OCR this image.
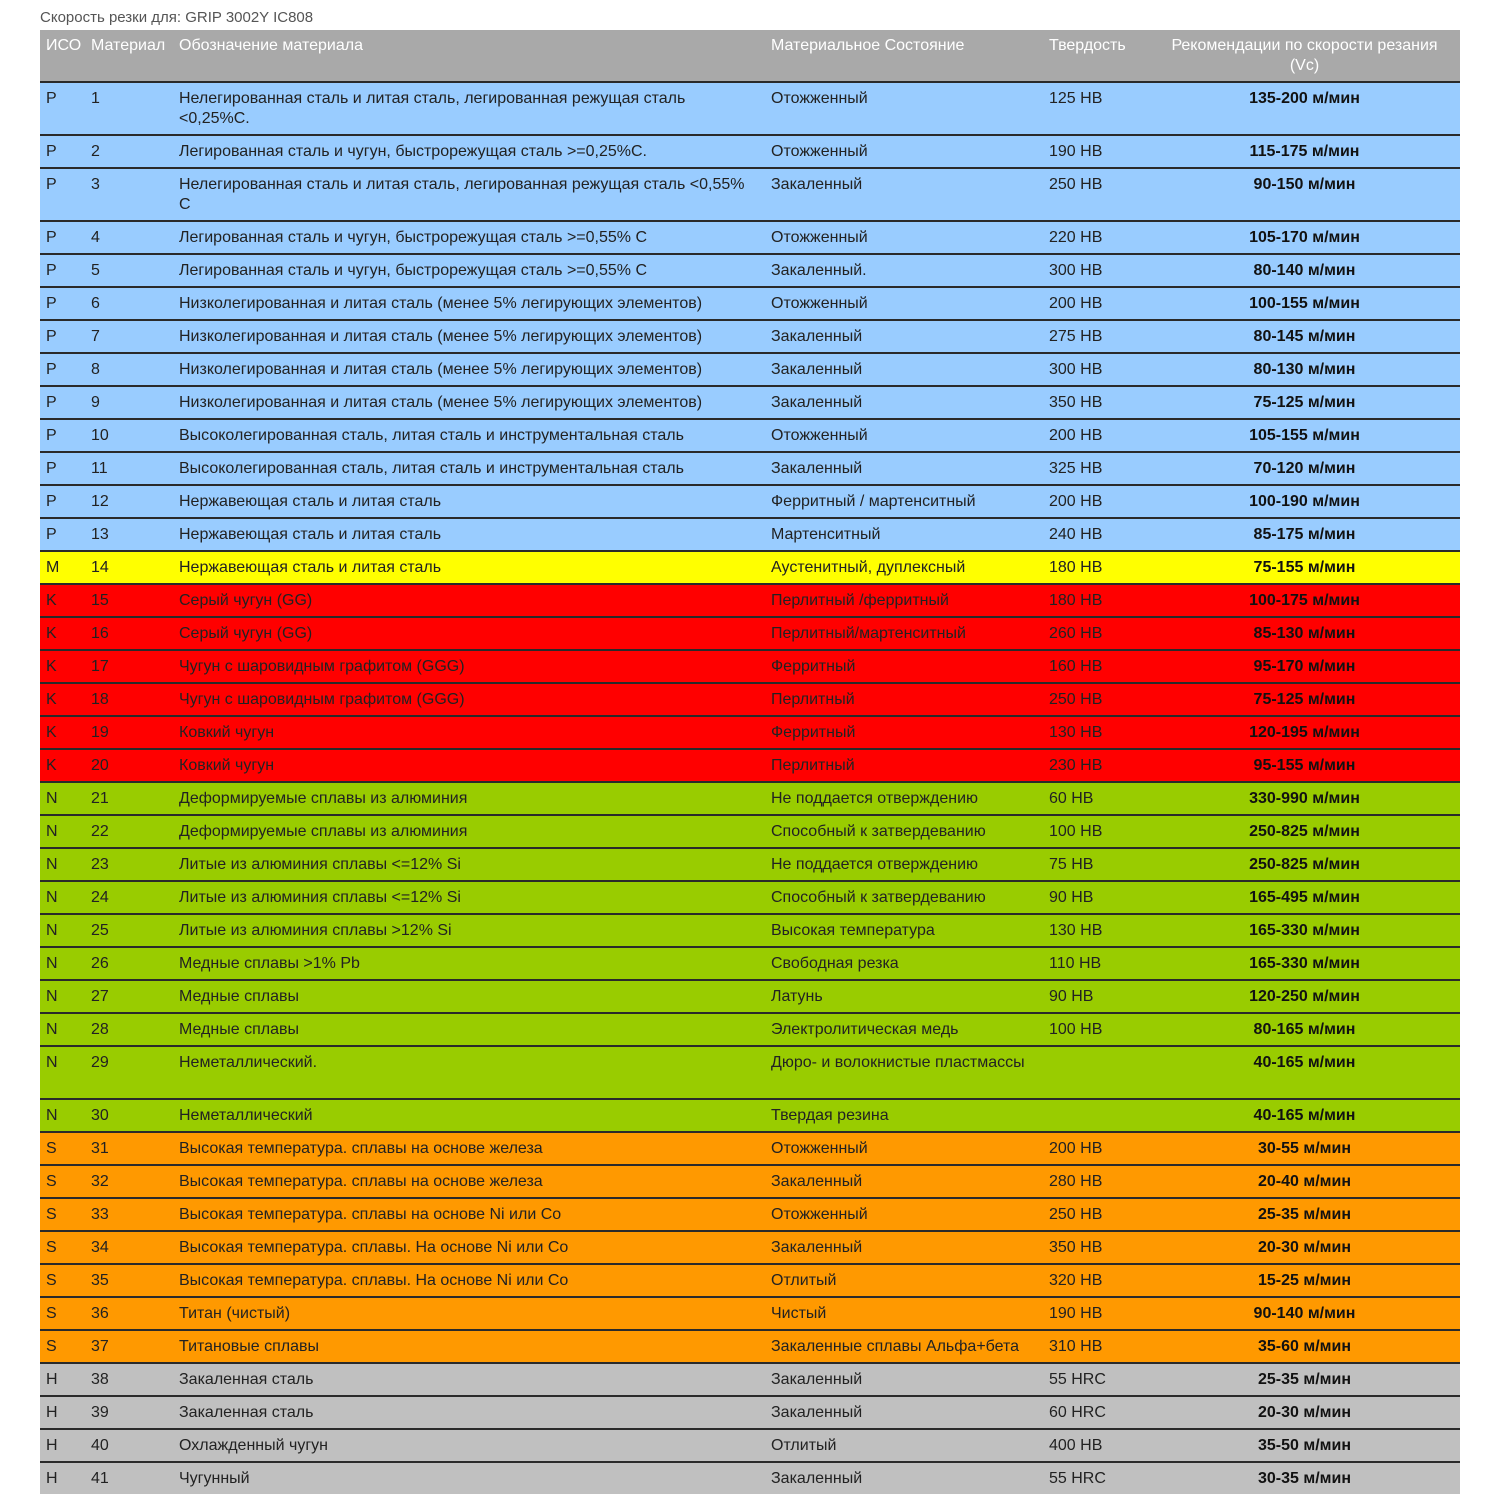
Скорость резки для: GRIP 3002Y IC808
ИСО	Материал	Обозначение материала	Материальное Состояние	Твердость	Рекомендации по скорости резания (Vc)
P	1	Нелегированная сталь и литая сталь, легированная режущая сталь <0,25%C.	Отожженный	125 HB	135-200 м/мин
P	2	Легированная сталь и чугун, быстрорежущая сталь >=0,25%C.	Отожженный	190 HB	115-175 м/мин
P	3	Нелегированная сталь и литая сталь, легированная режущая сталь <0,55% C	Закаленный	250 HB	90-150 м/мин
P	4	Легированная сталь и чугун, быстрорежущая сталь >=0,55% C	Отожженный	220 HB	105-170 м/мин
P	5	Легированная сталь и чугун, быстрорежущая сталь >=0,55% C	Закаленный.	300 HB	80-140 м/мин
P	6	Низколегированная и литая сталь (менее 5% легирующих элементов)	Отожженный	200 HB	100-155 м/мин
P	7	Низколегированная и литая сталь (менее 5% легирующих элементов)	Закаленный	275 HB	80-145 м/мин
P	8	Низколегированная и литая сталь (менее 5% легирующих элементов)	Закаленный	300 HB	80-130 м/мин
P	9	Низколегированная и литая сталь (менее 5% легирующих элементов)	Закаленный	350 HB	75-125 м/мин
P	10	Высоколегированная сталь, литая сталь и инструментальная сталь	Отожженный	200 HB	105-155 м/мин
P	11	Высоколегированная сталь, литая сталь и инструментальная сталь	Закаленный	325 HB	70-120 м/мин
P	12	Нержавеющая сталь и литая сталь	Ферритный / мартенситный	200 HB	100-190 м/мин
P	13	Нержавеющая сталь и литая сталь	Мартенситный	240 HB	85-175 м/мин
M	14	Нержавеющая сталь и литая сталь	Аустенитный, дуплексный	180 HB	75-155 м/мин
K	15	Серый чугун (GG)	Перлитный /ферритный	180 HB	100-175 м/мин
K	16	Серый чугун (GG)	Перлитный/мартенситный	260 HB	85-130 м/мин
K	17	Чугун с шаровидным графитом (GGG)	Ферритный	160 HB	95-170 м/мин
K	18	Чугун с шаровидным графитом (GGG)	Перлитный	250 HB	75-125 м/мин
K	19	Ковкий чугун	Ферритный	130 HB	120-195 м/мин
K	20	Ковкий чугун	Перлитный	230 HB	95-155 м/мин
N	21	Деформируемые сплавы из алюминия	Не поддается отверждению	60 HB	330-990 м/мин
N	22	Деформируемые сплавы из алюминия	Способный к затвердеванию	100 HB	250-825 м/мин
N	23	Литые из алюминия сплавы <=12% Si	Не поддается отверждению	75 HB	250-825 м/мин
N	24	Литые из алюминия сплавы <=12% Si	Способный к затвердеванию	90 HB	165-495 м/мин
N	25	Литые из алюминия сплавы >12% Si	Высокая температура	130 HB	165-330 м/мин
N	26	Медные сплавы >1% Pb	Свободная резка	110 HB	165-330 м/мин
N	27	Медные сплавы	Латунь	90 HB	120-250 м/мин
N	28	Медные сплавы	Электролитическая медь	100 HB	80-165 м/мин
N	29	Неметаллический.	Дюро- и волокнистые пластмассы		40-165 м/мин
N	30	Неметаллический	Твердая резина		40-165 м/мин
S	31	Высокая температура. сплавы на основе железа	Отожженный	200 HB	30-55 м/мин
S	32	Высокая температура. сплавы на основе железа	Закаленный	280 HB	20-40 м/мин
S	33	Высокая температура. сплавы на основе Ni или Co	Отожженный	250 HB	25-35 м/мин
S	34	Высокая температура. сплавы. На основе Ni или Co	Закаленный	350 HB	20-30 м/мин
S	35	Высокая температура. сплавы. На основе Ni или Co	Отлитый	320 HB	15-25 м/мин
S	36	Титан (чистый)	Чистый	190 HB	90-140 м/мин
S	37	Титановые сплавы	Закаленные сплавы Альфа+бета	310 HB	35-60 м/мин
H	38	Закаленная сталь	Закаленный	55 HRC	25-35 м/мин
H	39	Закаленная сталь	Закаленный	60 HRC	20-30 м/мин
H	40	Охлажденный чугун	Отлитый	400 HB	35-50 м/мин
H	41	Чугунный	Закаленный	55 HRC	30-35 м/мин
